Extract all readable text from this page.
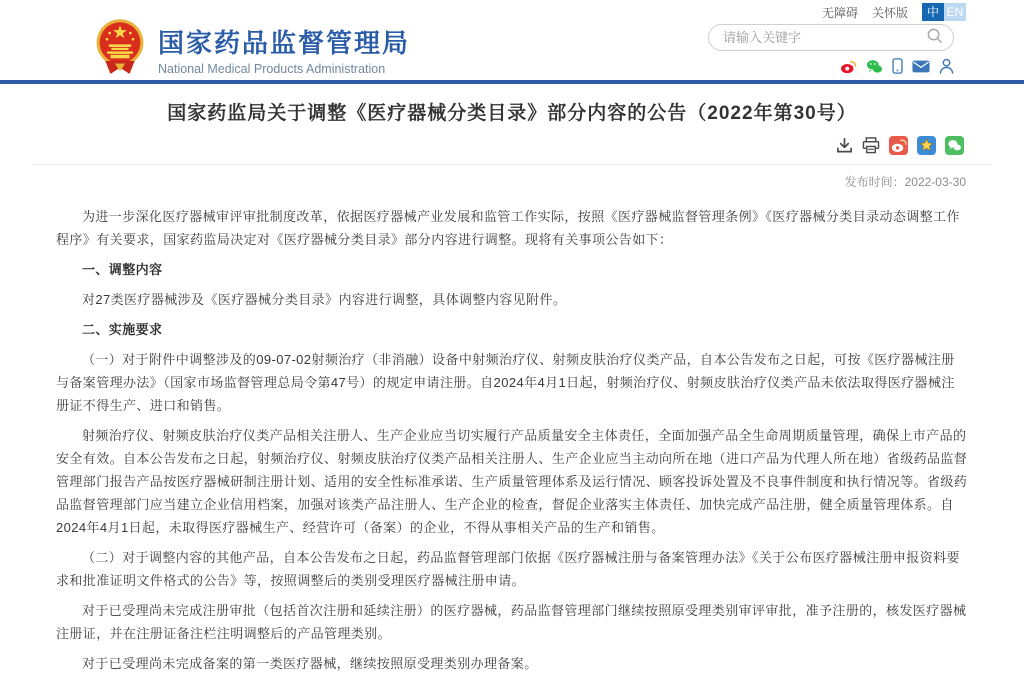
无障碍 关怀版	中 EN
国家药品监督管理局
National Medical Products Administration
请输入关键字
国家药监局关于调整《医疗器械分类目录》部分内容的公告（2022年第30号）
发布时间：2022-03-30

为进一步深化医疗器械审评审批制度改革，依据医疗器械产业发展和监管工作实际，按照《医疗器械监督管理条例》《医疗器械分类目录动态调整工作程序》有关要求，国家药监局决定对《医疗器械分类目录》部分内容进行调整。现将有关事项公告如下：

一、调整内容

对27类医疗器械涉及《医疗器械分类目录》内容进行调整，具体调整内容见附件。

二、实施要求

（一）对于附件中调整涉及的09-07-02射频治疗（非消融）设备中射频治疗仪、射频皮肤治疗仪类产品，自本公告发布之日起，可按《医疗器械注册与备案管理办法》（国家市场监督管理总局令第47号）的规定申请注册。自2024年4月1日起，射频治疗仪、射频皮肤治疗仪类产品未依法取得医疗器械注册证不得生产、进口和销售。

射频治疗仪、射频皮肤治疗仪类产品相关注册人、生产企业应当切实履行产品质量安全主体责任，全面加强产品全生命周期质量管理，确保上市产品的安全有效。自本公告发布之日起，射频治疗仪、射频皮肤治疗仪类产品相关注册人、生产企业应当主动向所在地（进口产品为代理人所在地）省级药品监督管理部门报告产品按医疗器械研制注册计划、适用的安全性标准承诺、生产质量管理体系及运行情况、顾客投诉处置及不良事件制度和执行情况等。省级药品监督管理部门应当建立企业信用档案，加强对该类产品注册人、生产企业的检查，督促企业落实主体责任、加快完成产品注册，健全质量管理体系。自2024年4月1日起，未取得医疗器械生产、经营许可（备案）的企业，不得从事相关产品的生产和销售。

（二）对于调整内容的其他产品，自本公告发布之日起，药品监督管理部门依据《医疗器械注册与备案管理办法》《关于公布医疗器械注册申报资料要求和批准证明文件格式的公告》等，按照调整后的类别受理医疗器械注册申请。

对于已受理尚未完成注册审批（包括首次注册和延续注册）的医疗器械，药品监督管理部门继续按照原受理类别审评审批，准予注册的，核发医疗器械注册证，并在注册证备注栏注明调整后的产品管理类别。

对于已受理尚未完成备案的第一类医疗器械，继续按照原受理类别办理备案。
